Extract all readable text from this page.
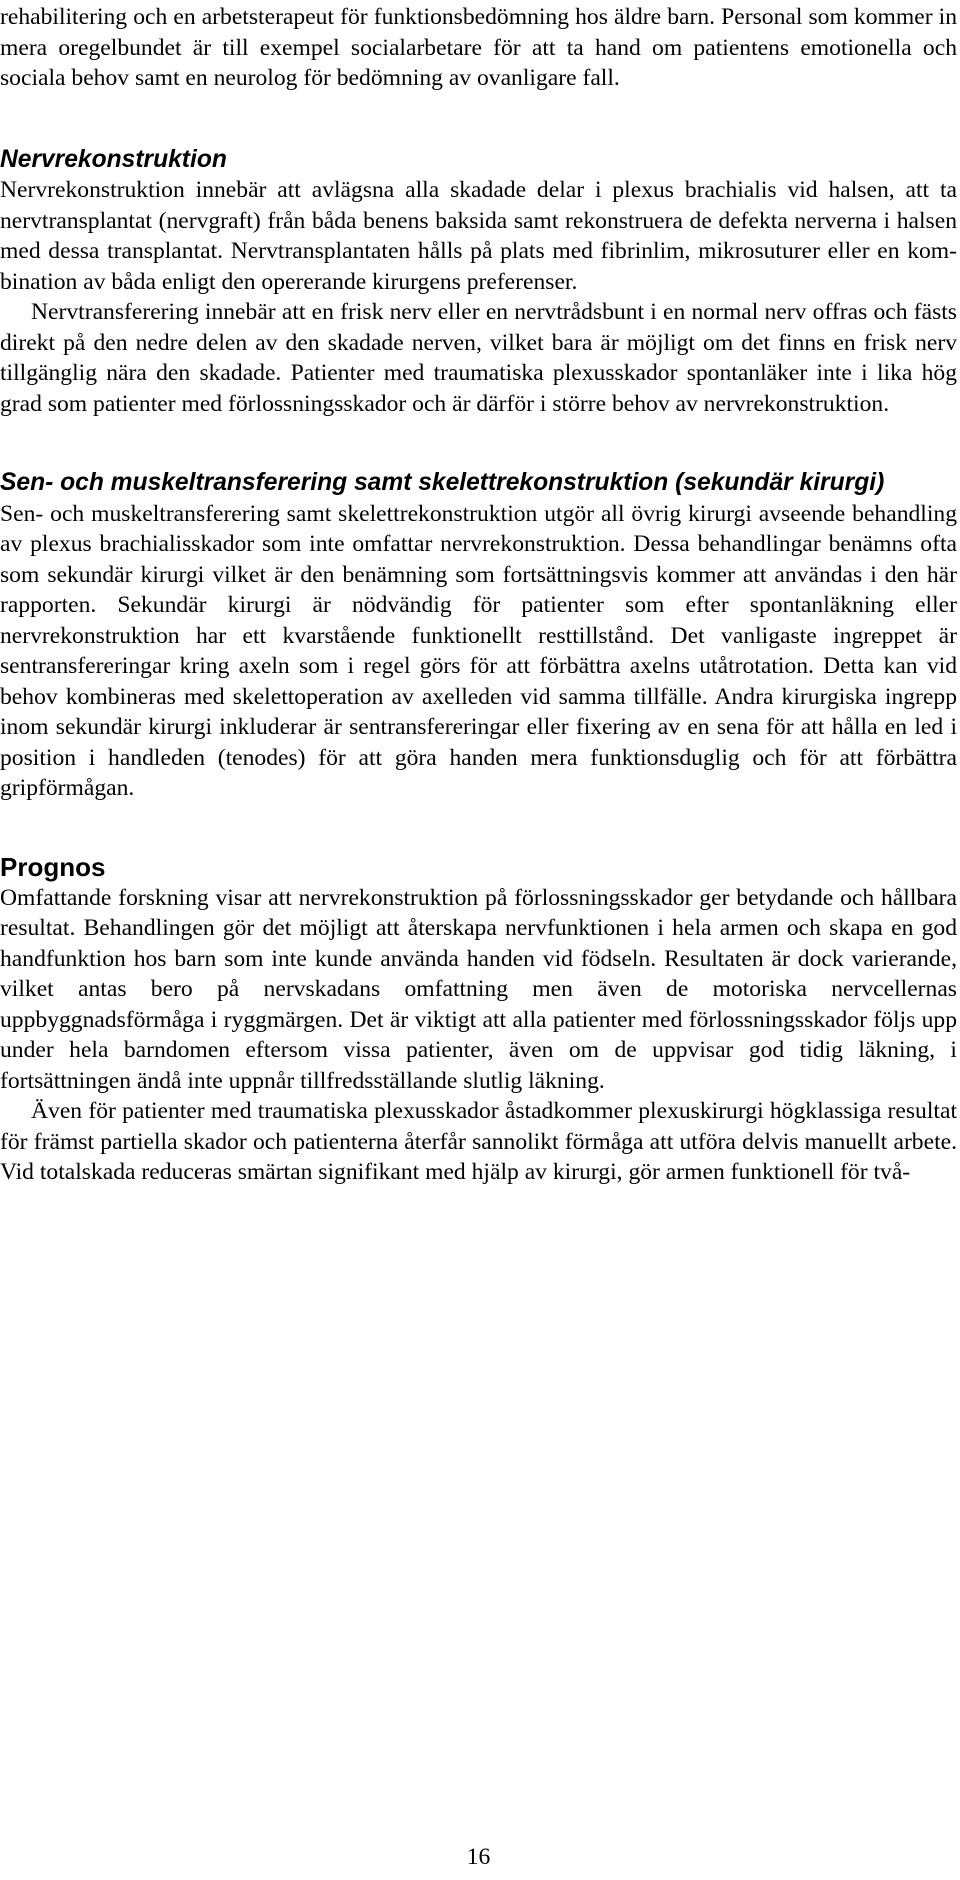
rehabilitering och en arbetsterapeut för funktionsbedömning hos äldre barn. Personal som kommer in mera oregelbundet är till exempel socialarbetare för att ta hand om patientens emotionella och sociala behov samt en neurolog för bedömning av ovanligare fall.

Nervrekonstruktion

Nervrekonstruktion innebär att avlägsna alla skadade delar i plexus brachialis vid halsen, att ta nervtransplantat (nervgraft) från båda benens baksida samt rekonstruera de defekta nerverna i halsen med dessa transplantat. Nervtransplantaten hålls på plats med fibrinlim, mikrosuturer eller en kombination av båda enligt den opererande kirurgens preferenser.

Nervtransferering innebär att en frisk nerv eller en nervtrådsbunt i en normal nerv offras och fästs direkt på den nedre delen av den skadade nerven, vilket bara är möjligt om det finns en frisk nerv tillgänglig nära den skadade. Patienter med traumatiska plexusskador spontanläker inte i lika hög grad som patienter med förlossningsskador och är därför i större behov av nervrekonstruktion.

Sen- och muskeltransferering samt skelettrekonstruktion (sekundär kirurgi)

Sen- och muskeltransferering samt skelettrekonstruktion utgör all övrig kirurgi avseende behandling av plexus brachialisskador som inte omfattar nervrekonstruktion. Dessa behandlingar benämns ofta som sekundär kirurgi vilket är den benämning som fortsättningsvis kommer att användas i den här rapporten. Sekundär kirurgi är nödvändig för patienter som efter spontanläkning eller nervrekonstruktion har ett kvarstående funktionellt resttillstånd. Det vanligaste ingreppet är sentransfereringar kring axeln som i regel görs för att förbättra axelns utåtrotation. Detta kan vid behov kombineras med skelettoperation av axelleden vid samma tillfälle. Andra kirurgiska ingrepp inom sekundär kirurgi inkluderar är sentransfereringar eller fixering av en sena för att hålla en led i position i handleden (tenodes) för att göra handen mera funktionsduglig och för att förbättra gripförmågan.

Prognos

Omfattande forskning visar att nervrekonstruktion på förlossningsskador ger betydande och hållbara resultat. Behandlingen gör det möjligt att återskapa nervfunktionen i hela armen och skapa en god handfunktion hos barn som inte kunde använda handen vid födseln. Resultaten är dock varierande, vilket antas bero på nervskadans omfattning men även de motoriska nervcellernas uppbyggnadsförmåga i ryggmärgen. Det är viktigt att alla patienter med förlossningsskador följs upp under hela barndomen eftersom vissa patienter, även om de uppvisar god tidig läkning, i fortsättningen ändå inte uppnår tillfredsställande slutlig läkning.

Även för patienter med traumatiska plexusskador åstadkommer plexuskirurgi högklassiga resultat för främst partiella skador och patienterna återfår sannolikt förmåga att utföra delvis manuellt arbete. Vid totalskada reduceras smärtan signifikant med hjälp av kirurgi, gör armen funktionell för två-

16
